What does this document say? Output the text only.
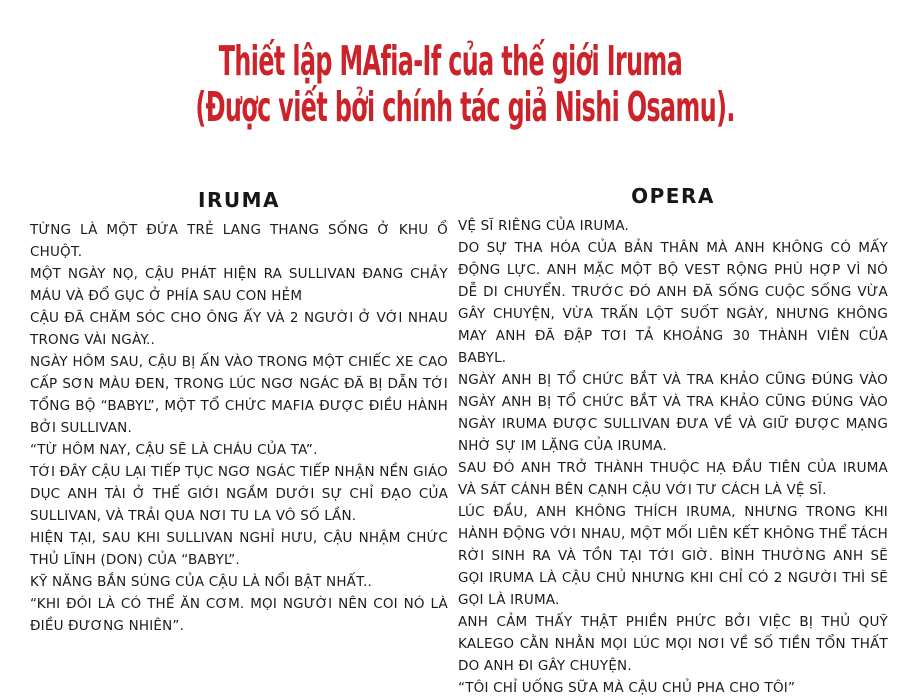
Thiết lập MAfia-If của thế giới Iruma
(Được viết bởi chính tác giả Nishi Osamu).
IRUMA

TỪNG LÀ MỘT ĐỨA TRẺ LANG THANG SỐNG Ở KHU Ổ CHUỘT.

MỘT NGÀY NỌ, CẬU PHÁT HIỆN RA SULLIVAN ĐANG CHẢY MÁU VÀ ĐỔ GỤC Ở PHÍA SAU CON HẺM

CẬU ĐÃ CHĂM SÓC CHO ÔNG ẤY VÀ 2 NGƯỜI Ở VỚI NHAU TRONG VÀI NGÀY..

NGÀY HÔM SAU, CẬU BỊ ẤN VÀO TRONG MỘT CHIẾC XE CAO CẤP SƠN MÀU ĐEN, TRONG LÚC NGƠ NGÁC ĐÃ BỊ DẪN TỚI TỔNG BỘ “BABYL”, MỘT TỔ CHỨC MAFIA ĐƯỢC ĐIỀU HÀNH BỞI SULLIVAN.

“TỪ HÔM NAY, CẬU SẼ LÀ CHÁU CỦA TA”.

TỚI ĐÂY CẬU LẠI TIẾP TỤC NGƠ NGÁC TIẾP NHẬN NỀN GIÁO DỤC ANH TÀI Ở THẾ GIỚI NGẦM DƯỚI SỰ CHỈ ĐẠO CỦA SULLIVAN, VÀ TRẢI QUA NƠI TU LA VÔ SỐ LẦN.

HIỆN TẠI, SAU KHI SULLIVAN NGHỈ HƯU, CẬU NHẬM CHỨC THỦ LĨNH (DON) CỦA “BABYL”.

KỸ NĂNG BẮN SÚNG CỦA CẬU LÀ NỔI BẬT NHẤT..

“KHI ĐÓI LÀ CÓ THỂ ĂN CƠM. MỌI NGƯỜI NÊN COI NÓ LÀ ĐIỀU ĐƯƠNG NHIÊN”.

OPERA

VỆ SĨ RIÊNG CỦA IRUMA.

DO SỰ THA HÓA CỦA BẢN THÂN MÀ ANH KHÔNG CÓ MẤY ĐỘNG LỰC. ANH MẶC MỘT BỘ VEST RỘNG PHÙ HỢP VÌ NÓ DỄ DI CHUYỂN. TRƯỚC ĐÓ ANH ĐÃ SỐNG CUỘC SỐNG VỪA GÂY CHUYỆN, VỪA TRẤN LỘT SUỐT NGÀY, NHƯNG KHÔNG MAY ANH ĐÃ ĐẬP TƠI TẢ KHOẢNG 30 THÀNH VIÊN CỦA BABYL.

NGÀY ANH BỊ TỔ CHỨC BẮT VÀ TRA KHẢO CŨNG ĐÚNG VÀO NGÀY ANH BỊ TỔ CHỨC BẮT VÀ TRA KHẢO CŨNG ĐÚNG VÀO NGÀY IRUMA ĐƯỢC SULLIVAN ĐƯA VỀ VÀ GIỮ ĐƯỢC MẠNG NHỜ SỰ IM LẶNG CỦA IRUMA.

SAU ĐÓ ANH TRỞ THÀNH THUỘC HẠ ĐẦU TIÊN CỦA IRUMA VÀ SÁT CÁNH BÊN CẠNH CẬU VỚI TƯ CÁCH LÀ VỆ SĨ.

LÚC ĐẦU, ANH KHÔNG THÍCH IRUMA, NHƯNG TRONG KHI HÀNH ĐỘNG VỚI NHAU, MỘT MỐI LIÊN KẾT KHÔNG THỂ TÁCH RỜI SINH RA VÀ TỒN TẠI TỚI GIỜ. BÌNH THƯỜNG ANH SẼ GỌI IRUMA LÀ CẬU CHỦ NHƯNG KHI CHỈ CÓ 2 NGƯỜI THÌ SẼ GỌI LÀ IRUMA.

ANH CẢM THẤY THẬT PHIỀN PHỨC BỞI VIỆC BỊ THỦ QUỸ KALEGO CẰN NHẰN MỌI LÚC MỌI NƠI VỀ SỐ TIỀN TỔN THẤT DO ANH ĐI GÂY CHUYỆN.

“TÔI CHỈ UỐNG SỮA MÀ CẬU CHỦ PHA CHO TÔI”
